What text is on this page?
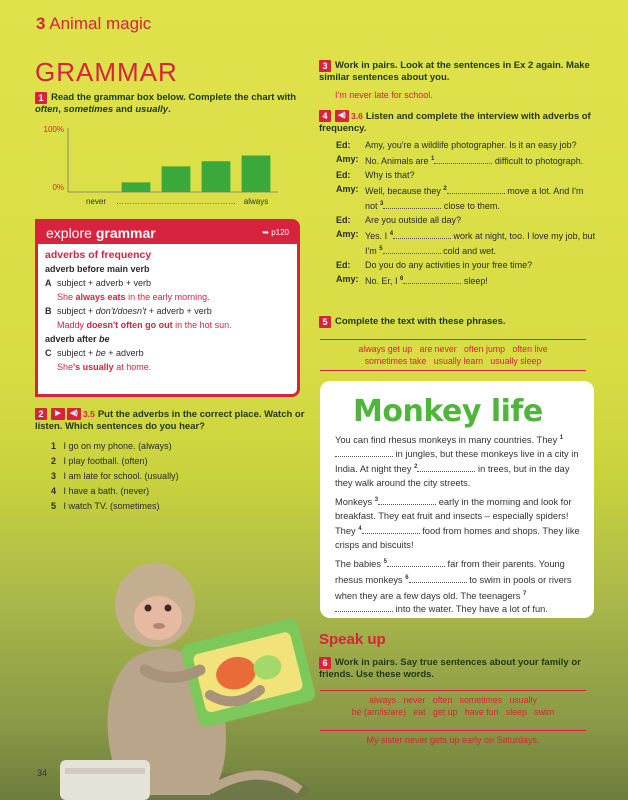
3 Animal magic
GRAMMAR
1 Read the grammar box below. Complete the chart with often, sometimes and usually.
100%
0%
never …………… …………… …………… always
explore grammar	➥ p120
adverbs of frequency
adverb before main verb
A subject + adverb + verb
She always eats in the early morning.
B subject + don't/doesn't + adverb + verb
Maddy doesn't often go out in the hot sun.
adverb after be
C subject + be + adverb
She's usually at home.
2 ▶ ◀) 3.5 Put the adverbs in the correct place. Watch or listen. Which sentences do you hear?
1 I go on my phone. (always)
2 I play football. (often)
3 I am late for school. (usually)
4 I have a bath. (never)
5 I watch TV. (sometimes)
3 Work in pairs. Look at the sentences in Ex 2 again. Make similar sentences about you.
I'm never late for school.
4 ◀) 3.6 Listen and complete the interview with adverbs of frequency.
Ed:	Amy, you're a wildlife photographer. Is it an easy job?
Amy: No. Animals are $^1$	difficult to photograph.
Ed:	Why is that?
Amy: Well, because they $^2$	move a lot. And I'm not $^3$	close to them.
Ed:	Are you outside all day?
Amy: Yes. I $^4$	work at night, too. I love my job, but I'm $^5$	cold and wet.
Ed:	Do you do any activities in your free time?
Amy: No. Er, I $^6$	sleep!
5 Complete the text with these phrases.
always get up   are never   often jump   often live
sometimes take   usually learn   usually sleep
Monkey life

You can find rhesus monkeys in many countries. They $^1$ in jungles, but these monkeys live in a city in India. At night they $^2$	in trees, but in the day they walk around the city streets.

Monkeys $^3$	early in the morning and look for breakfast. They eat fruit and insects – especially spiders! They $^4$	food from homes and shops. They like crisps and biscuits!

The babies $^5$	far from their parents. Young rhesus monkeys $^6$	to swim in pools or rivers when they are a few days old. The teenagers $^7$ into the water. They have a lot of fun.

Speak up
6 Work in pairs. Say true sentences about your family or friends. Use these words.
always   never   often   sometimes   usually
be (am/is/are)   eat   get up   have fun   sleep   swim
My sister never gets up early on Saturdays.
34
